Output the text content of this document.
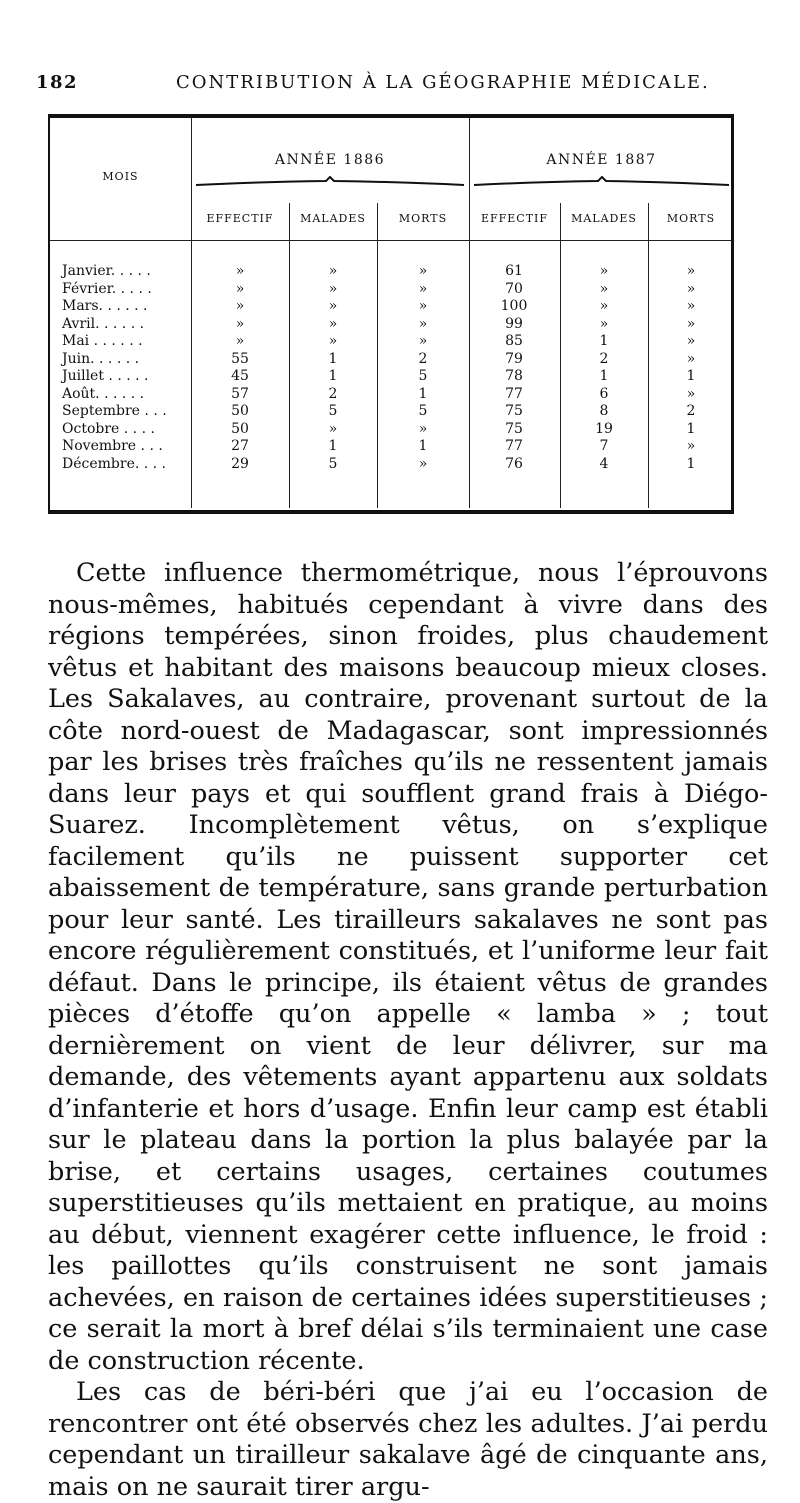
182	CONTRIBUTION À LA GÉOGRAPHIE MÉDICALE.
MOIS
ANNÉE 1886	ANNÉE 1887
EFFECTIF	MALADES	MORTS	EFFECTIF	MALADES	MORTS
Janvier. . . . .	»	»	»	61	»	»
Février. . . . .	»	»	»	70	»	»
Mars. . . . . .	»	»	»	100	»	»
Avril. . . . . .	»	»	»	99	»	»
Mai . . . . . .	»	»	»	85	1	»
Juin. . . . . .	55	1	2	79	2	»
Juillet . . . . .	45	1	5	78	1	1
Août. . . . . .	57	2	1	77	6	»
Septembre . . .	50	5	5	75	8	2
Octobre . . . .	50	»	»	75	19	1
Novembre . . .	27	1	1	77	7	»
Décembre. . . .	29	5	»	76	4	1

Cette influence thermométrique, nous l’éprouvons nous-mêmes, habitués cependant à vivre dans des régions tempérées, sinon froides, plus chaudement vêtus et habitant des maisons beaucoup mieux closes. Les Sakalaves, au contraire, provenant surtout de la côte nord-ouest de Madagascar, sont impressionnés par les brises très fraîches qu’ils ne ressentent jamais dans leur pays et qui soufflent grand frais à Diégo-Suarez. Incomplètement vêtus, on s’explique facilement qu’ils ne puissent supporter cet abaissement de température, sans grande perturbation pour leur santé. Les tirailleurs sakalaves ne sont pas encore régulièrement constitués, et l’uniforme leur fait défaut. Dans le principe, ils étaient vêtus de grandes pièces d’étoffe qu’on appelle « lamba » ; tout dernièrement on vient de leur délivrer, sur ma demande, des vêtements ayant appartenu aux soldats d’infanterie et hors d’usage. Enfin leur camp est établi sur le plateau dans la portion la plus balayée par la brise, et certains usages, certaines coutumes superstitieuses qu’ils mettaient en pratique, au moins au début, viennent exagérer cette influence, le froid : les paillottes qu’ils construisent ne sont jamais achevées, en raison de certaines idées superstitieuses ; ce serait la mort à bref délai s’ils terminaient une case de construction récente.

Les cas de béri-béri que j’ai eu l’occasion de rencontrer ont été observés chez les adultes. J’ai perdu cependant un tirailleur sakalave âgé de cinquante ans, mais on ne saurait tirer argu-
